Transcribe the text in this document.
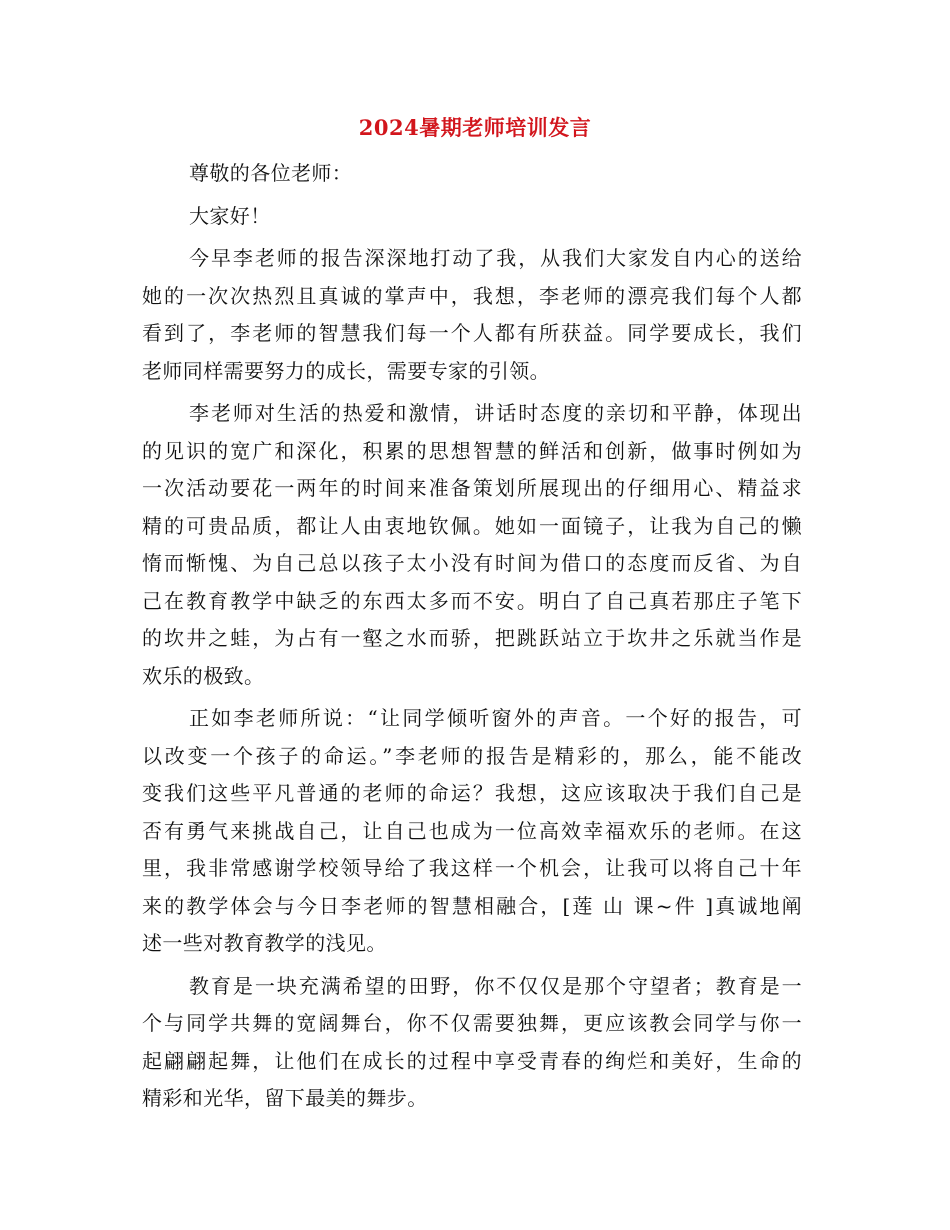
2024暑期老师培训发言
尊敬的各位老师：
大家好！
今早李老师的报告深深地打动了我，从我们大家发自内心的送给
她的一次次热烈且真诚的掌声中，我想，李老师的漂亮我们每个人都
看到了，李老师的智慧我们每一个人都有所获益。同学要成长，我们
老师同样需要努力的成长，需要专家的引领。
李老师对生活的热爱和激情，讲话时态度的亲切和平静，体现出
的见识的宽广和深化，积累的思想智慧的鲜活和创新，做事时例如为
一次活动要花一两年的时间来准备策划所展现出的仔细用心、精益求
精的可贵品质，都让人由衷地钦佩。她如一面镜子，让我为自己的懒
惰而惭愧、为自己总以孩子太小没有时间为借口的态度而反省、为自
己在教育教学中缺乏的东西太多而不安。明白了自己真若那庄子笔下
的坎井之蛙，为占有一壑之水而骄，把跳跃站立于坎井之乐就当作是
欢乐的极致。
正如李老师所说：“让同学倾听窗外的声音。一个好的报告，可
以改变一个孩子的命运。”李老师的报告是精彩的，那么，能不能改
变我们这些平凡普通的老师的命运？我想，这应该取决于我们自己是
否有勇气来挑战自己，让自己也成为一位高效幸福欢乐的老师。在这
里，我非常感谢学校领导给了我这样一个机会，让我可以将自己十年
来的教学体会与今日李老师的智慧相融合，[莲 山 课~件 ]真诚地阐
述一些对教育教学的浅见。
教育是一块充满希望的田野，你不仅仅是那个守望者；教育是一
个与同学共舞的宽阔舞台，你不仅需要独舞，更应该教会同学与你一
起翩翩起舞，让他们在成长的过程中享受青春的绚烂和美好，生命的
精彩和光华，留下最美的舞步。
